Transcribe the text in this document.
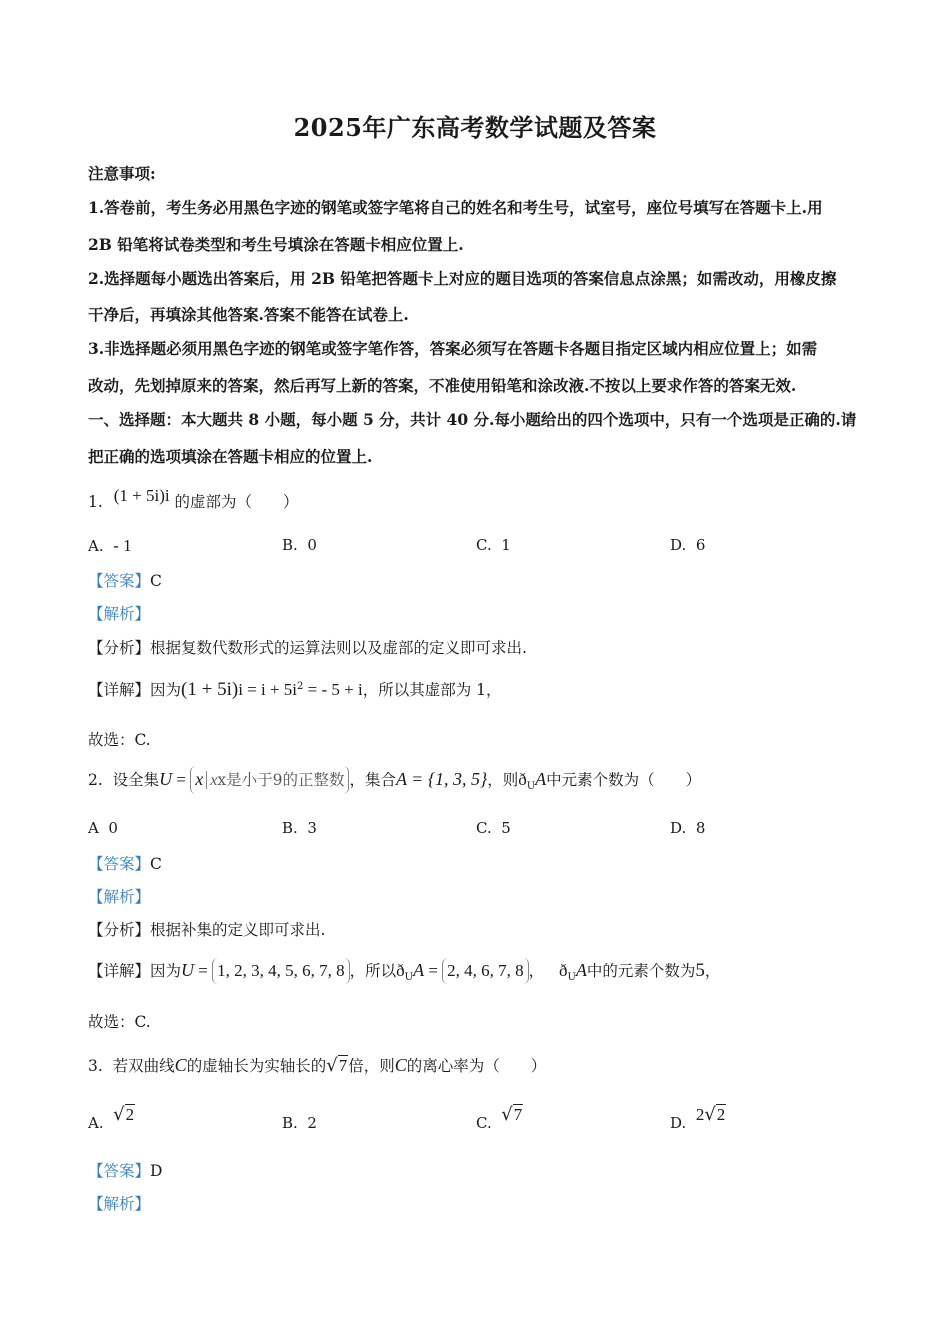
2025年广东高考数学试题及答案
注意事项:
1.答卷前，考生务必用黑色字迹的钢笔或签字笔将自己的姓名和考生号，试室号，座位号填写在答题卡上.用
2B 铅笔将试卷类型和考生号填涂在答题卡相应位置上.
2.选择题每小题选出答案后，用 2B 铅笔把答题卡上对应的题目选项的答案信息点涂黑；如需改动，用橡皮擦
干净后，再填涂其他答案.答案不能答在试卷上.
3.非选择题必须用黑色字迹的钢笔或签字笔作答，答案必须写在答题卡各题目指定区域内相应位置上；如需
改动，先划掉原来的答案，然后再写上新的答案，不准使用铅笔和涂改液.不按以上要求作答的答案无效.
一、选择题：本大题共 8 小题，每小题 5 分，共计 40 分.每小题给出的四个选项中，只有一个选项是正确的.请
把正确的选项填涂在答题卡相应的位置上.
1. (1 + 5i)i 的虚部为（　　）
A. - 1	B. 0	C. 1	D. 6
【答案】C
【解析】
【分析】根据复数代数形式的运算法则以及虚部的定义即可求出.
【详解】因为$(1 + 5i)i = i + 5i^2$ = - 5 + i，所以其虚部为 1，
故选：C.
2. 设全集U = x xx是小于9的正整数 ，集合A = {1, 3, 5}，则$ð_UA$中元素个数为（　　）
A 0	B. 3	C. 5	D. 8
【答案】C
【解析】
【分析】根据补集的定义即可求出.
【详解】因为U = 1, 2, 3, 4, 5, 6, 7, 8 ，所以$ð_UA = 2$, 4, 6, 7, 8 ， $ð_UA$中的元素个数为5，
故选：C.
3. 若双曲线C的虚轴长为实轴长的√7倍，则C的离心率为（　　）
A. √2	B. 2	C. √7	D. 2√2
【答案】D
【解析】
